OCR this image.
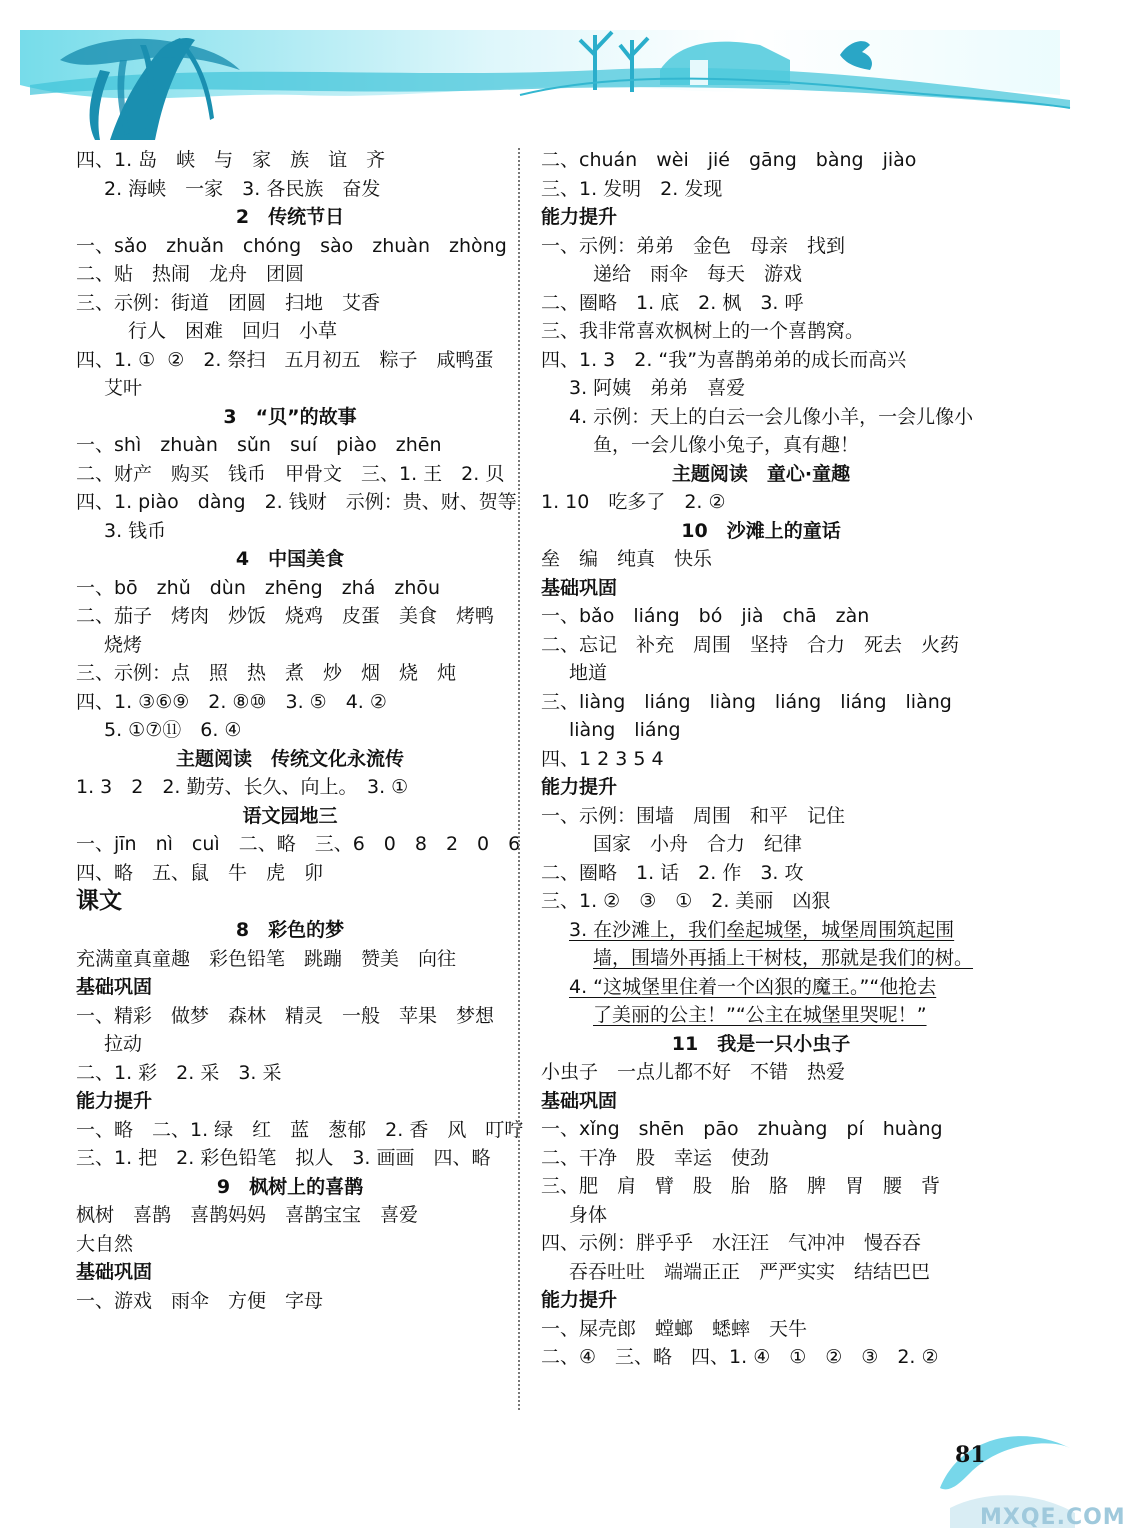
四、1. 岛　峡　与　家　族　谊　齐
2. 海峡　一家　3. 各民族　奋发
2　传统节日
一、sǎo　zhuǎn　chóng　sào　zhuàn　zhòng
二、贴　热闹　龙舟　团圆
三、示例：街道　团圆　扫地　艾香
行人　困难　回归　小草
四、1. ①  ②　2. 祭扫　五月初五　粽子　咸鸭蛋
艾叶
3　“贝”的故事
一、shì　zhuàn　sǔn　suí　piào　zhēn
二、财产　购买　钱币　甲骨文　三、1. 王　2. 贝
四、1. piào　dàng　2. 钱财　示例：贵、财、贺等
3. 钱币
4　中国美食
一、bō　zhǔ　dùn　zhēng　zhá　zhōu
二、茄子　烤肉　炒饭　烧鸡　皮蛋　美食　烤鸭
烧烤
三、示例：点　照　热　煮　炒　烟　烧　炖
四、1. ③⑥⑨　2. ⑧⑩　3. ⑤　4. ②
5. ①⑦⑪　6. ④
主题阅读　传统文化永流传
1. 3　2　2. 勤劳、长久、向上。　3. ①
语文园地三
一、jīn　nì　cuì　二、略　三、6　0　8　2　0　6
四、略　五、鼠　牛　虎　卯
课文
8　彩色的梦
充满童真童趣　彩色铅笔　跳蹦　赞美　向往
基础巩固
一、精彩　做梦　森林　精灵　一般　苹果　梦想
拉动
二、1. 彩　2. 采　3. 采
能力提升
一、略　二、1. 绿　红　蓝　葱郁　2. 香　风　叮咛
三、1. 把　2. 彩色铅笔　拟人　3. 画画　四、略
9　枫树上的喜鹊
枫树　喜鹊　喜鹊妈妈　喜鹊宝宝　喜爱
大自然
基础巩固
一、游戏　雨伞　方便　字母
二、chuán　wèi　jié　gāng　bàng　jiào
三、1. 发明　2. 发现
能力提升
一、示例：弟弟　金色　母亲　找到
递给　雨伞　每天　游戏
二、圈略　1. 底　2. 枫　3. 呼
三、我非常喜欢枫树上的一个喜鹊窝。
四、1. 3　2. “我”为喜鹊弟弟的成长而高兴
3. 阿姨　弟弟　喜爱
4. 示例：天上的白云一会儿像小羊，一会儿像小
鱼，一会儿像小兔子，真有趣！
主题阅读　童心·童趣
1. 10　吃多了　2. ②
10　沙滩上的童话
垒　编　纯真　快乐
基础巩固
一、bǎo　liáng　bó　jià　chā　zàn
二、忘记　补充　周围　坚持　合力　死去　火药
地道
三、liàng　liáng　liàng　liáng　liáng　liàng
liàng　liáng
四、1 2 3 5 4
能力提升
一、示例：围墙　周围　和平　记住
国家　小舟　合力　纪律
二、圈略　1. 话　2. 作　3. 攻
三、1. ②　③　①　2. 美丽　凶狠
3. 在沙滩上，我们垒起城堡，城堡周围筑起围
墙，围墙外再插上干树枝，那就是我们的树。
4. “这城堡里住着一个凶狠的魔王。”“他抢去
了美丽的公主！”“公主在城堡里哭呢！”
11　我是一只小虫子
小虫子　一点儿都不好　不错　热爱
基础巩固
一、xǐng　shēn　pāo　zhuàng　pí　huàng
二、干净　股　幸运　使劲
三、肥　肩　臂　股　胎　胳　脾　胃　腰　背
身体
四、示例：胖乎乎　水汪汪　气冲冲　慢吞吞
吞吞吐吐　端端正正　严严实实　结结巴巴
能力提升
一、屎壳郎　螳螂　蟋蟀　天牛
二、④　三、略　四、1. ④　①　②　③　2. ②
81
MXQE.COM
